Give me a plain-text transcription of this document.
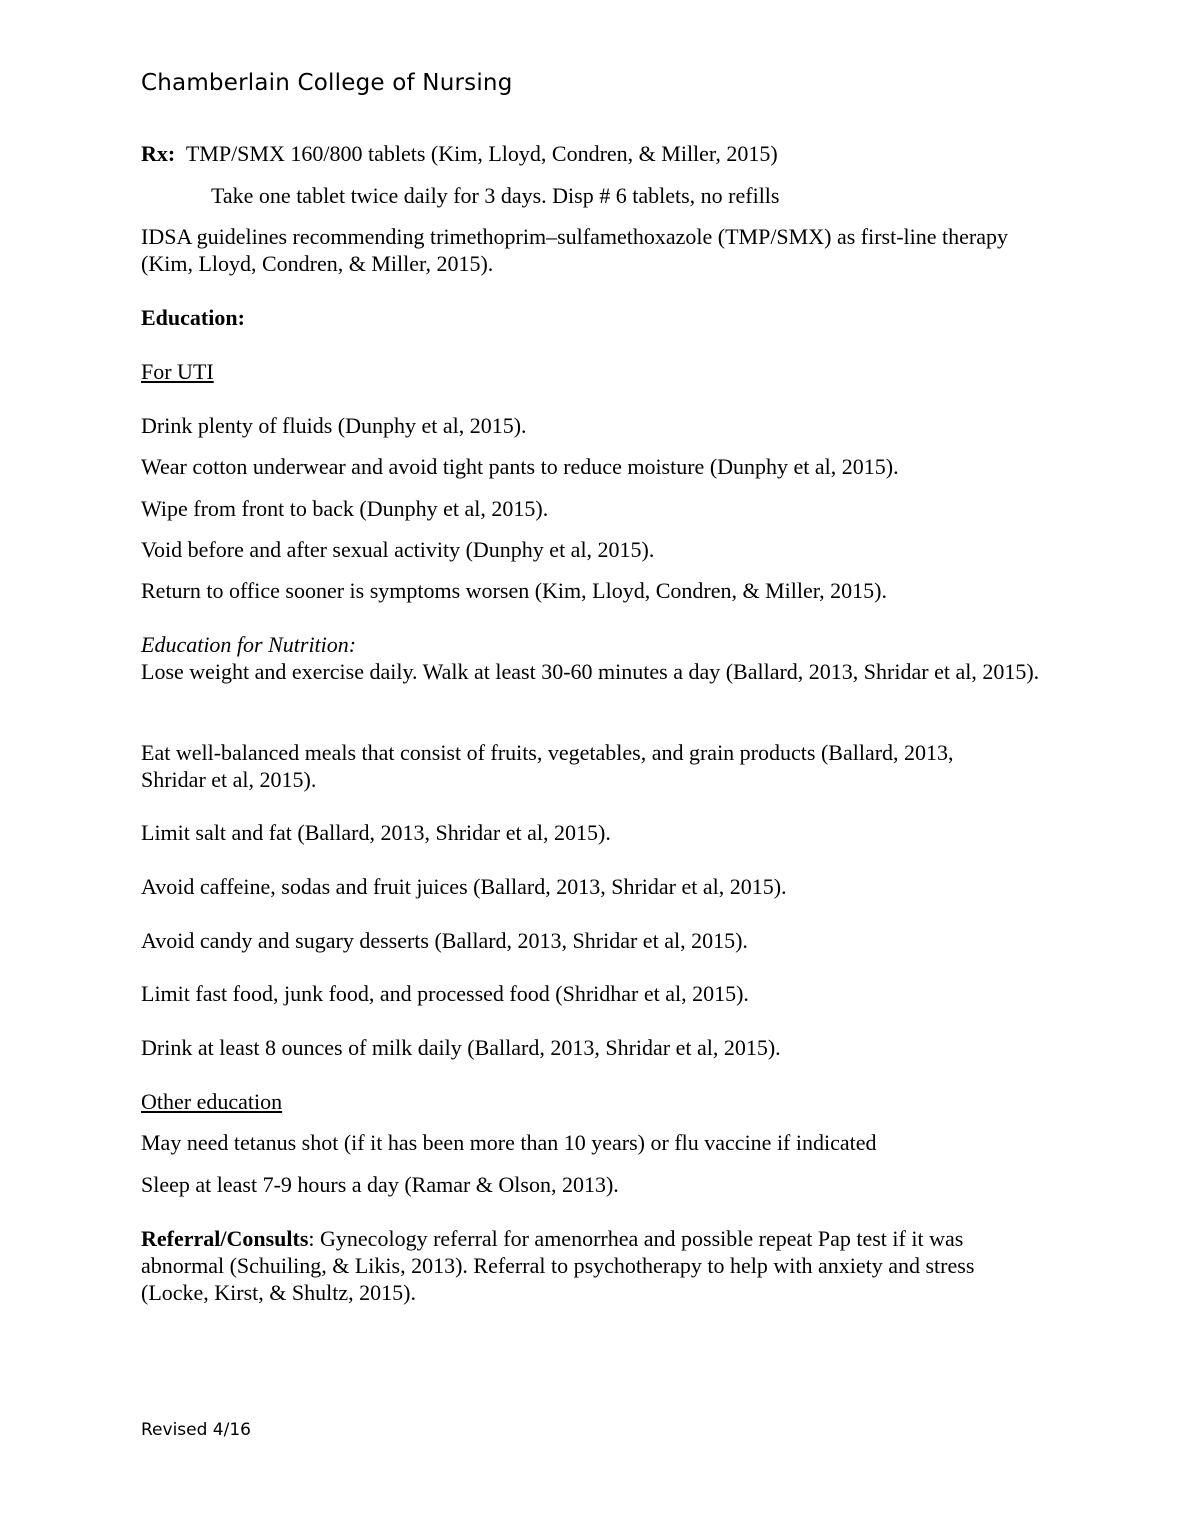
Chamberlain College of Nursing
Rx: TMP/SMX 160/800 tablets (Kim, Lloyd, Condren, & Miller, 2015)
Take one tablet twice daily for 3 days. Disp # 6 tablets, no refills
IDSA guidelines recommending trimethoprim–sulfamethoxazole (TMP/SMX) as first-line therapy (Kim, Lloyd, Condren, & Miller, 2015).
Education:
For UTI
Drink plenty of fluids (Dunphy et al, 2015).
Wear cotton underwear and avoid tight pants to reduce moisture (Dunphy et al, 2015).
Wipe from front to back (Dunphy et al, 2015).
Void before and after sexual activity (Dunphy et al, 2015).
Return to office sooner is symptoms worsen (Kim, Lloyd, Condren, & Miller, 2015).
Education for Nutrition:
Lose weight and exercise daily. Walk at least 30-60 minutes a day (Ballard, 2013, Shridar et al, 2015).
Eat well-balanced meals that consist of fruits, vegetables, and grain products (Ballard, 2013, Shridar et al, 2015).
Limit salt and fat (Ballard, 2013, Shridar et al, 2015).
Avoid caffeine, sodas and fruit juices (Ballard, 2013, Shridar et al, 2015).
Avoid candy and sugary desserts (Ballard, 2013, Shridar et al, 2015).
Limit fast food, junk food, and processed food (Shridhar et al, 2015).
Drink at least 8 ounces of milk daily (Ballard, 2013, Shridar et al, 2015).
Other education
May need tetanus shot (if it has been more than 10 years) or flu vaccine if indicated
Sleep at least 7-9 hours a day (Ramar & Olson, 2013).
Referral/Consults: Gynecology referral for amenorrhea and possible repeat Pap test if it was abnormal (Schuiling, & Likis, 2013). Referral to psychotherapy to help with anxiety and stress (Locke, Kirst, & Shultz, 2015).
Revised 4/16
